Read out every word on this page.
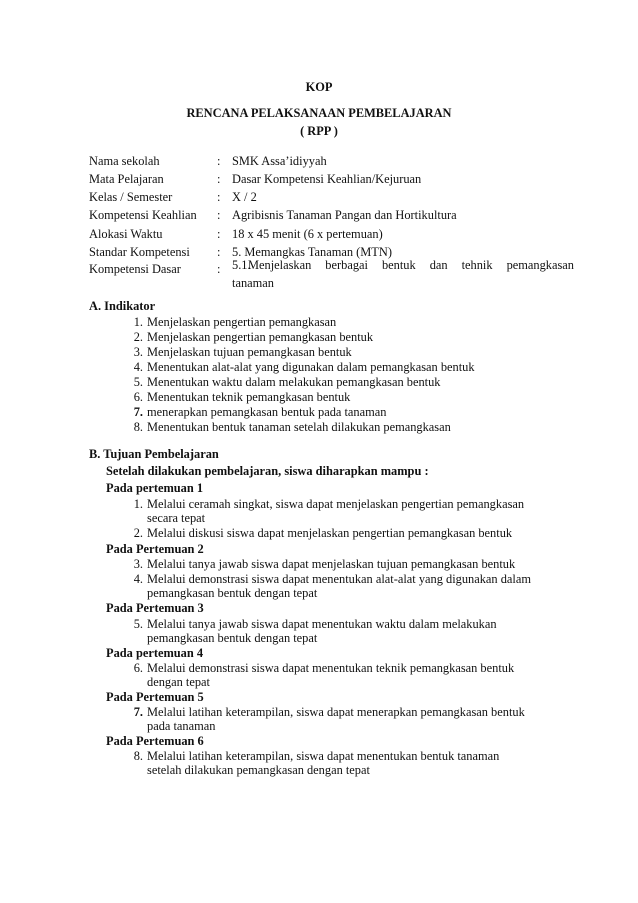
KOP
RENCANA PELAKSANAAN PEMBELAJARAN
( RPP )
Nama sekolah	: SMK Assa’idiyyah
Mata Pelajaran	: Dasar Kompetensi Keahlian/Kejuruan
Kelas / Semester	: X / 2
Kompetensi Keahlian : Agribisnis Tanaman Pangan dan Hortikultura
Alokasi Waktu	: 18 x 45 menit (6 x pertemuan)
Standar Kompetensi : 5. Memangkas Tanaman (MTN)
Kompetensi Dasar	: 5.1.
Menjelaskan berbagai bentuk dan tehnik pemangkasan
tanaman
A. Indikator
1. Menjelaskan pengertian pemangkasan
2. Menjelaskan pengertian pemangkasan bentuk
3. Menjelaskan tujuan pemangkasan bentuk
4. Menentukan alat-alat yang digunakan dalam pemangkasan bentuk
5. Menentukan waktu dalam melakukan pemangkasan bentuk
6. Menentukan teknik pemangkasan bentuk
7. menerapkan pemangkasan bentuk pada tanaman
8. Menentukan bentuk tanaman setelah dilakukan pemangkasan
B. Tujuan Pembelajaran
Setelah dilakukan pembelajaran, siswa diharapkan mampu :
Pada pertemuan 1
1. Melalui ceramah singkat, siswa dapat menjelaskan pengertian pemangkasan
secara tepat
2. Melalui diskusi siswa dapat menjelaskan pengertian pemangkasan bentuk
Pada Pertemuan 2
3. Melalui tanya jawab siswa dapat menjelaskan tujuan pemangkasan bentuk
4. Melalui demonstrasi siswa dapat menentukan alat-alat yang digunakan dalam
pemangkasan bentuk dengan tepat
Pada Pertemuan 3
5. Melalui tanya jawab siswa dapat menentukan waktu dalam melakukan
pemangkasan bentuk dengan tepat
Pada pertemuan 4
6. Melalui demonstrasi siswa dapat menentukan teknik pemangkasan bentuk
dengan tepat
Pada Pertemuan 5
7. Melalui latihan keterampilan, siswa dapat menerapkan pemangkasan bentuk
pada tanaman
Pada Pertemuan 6
8. Melalui latihan keterampilan, siswa dapat menentukan bentuk tanaman
setelah dilakukan pemangkasan dengan tepat
